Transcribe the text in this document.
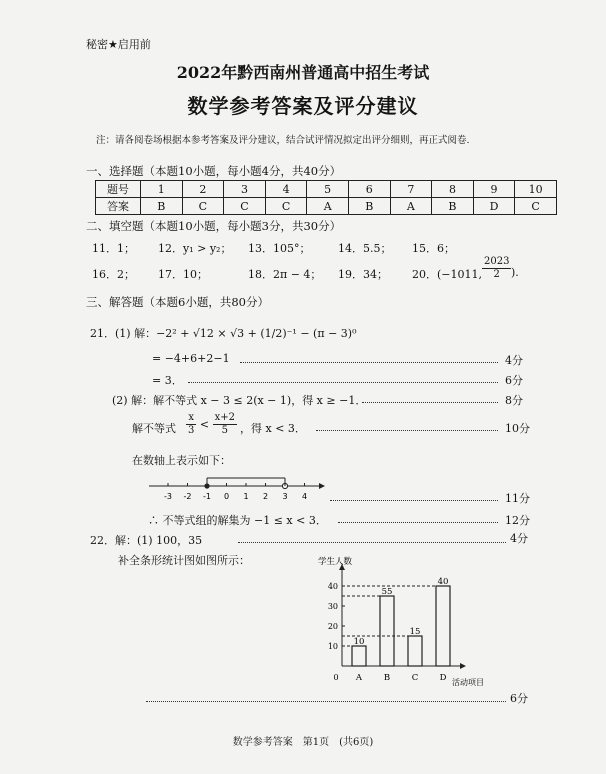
秘密★启用前
2022年黔西南州普通高中招生考试
数学参考答案及评分建议
注：请各阅卷场根据本参考答案及评分建议，结合试评情况拟定出评分细则，再正式阅卷.
一、选择题（本题10小题，每小题4分，共40分）
题号	1	2	3	4	5	6	7	8	9	10
答案	B	C	C	C	A	B	A	B	D	C
二、填空题（本题10小题，每小题3分，共30分）
11．1； 12．y₁ > y₂； 13．105°；	14．5.5； 15．6；
16．2； 17．10；	18．2π − 4； 19．34； 20．(−1011, $\frac{2023}{2}$ ).
三、解答题（本题6小题，共80分）
21．(1) 解：−2² + √12 × √3 + (1/2)⁻¹ − (π − 3)⁰
= −4+6+2−1	4分
= 3．	6分
(2) 解：解不等式 x − 3 ≤ 2(x − 1)，得 x ≥ −1．	8分
解不等式 $\frac{x}{3} < \frac{x+2}{5}$ ，得 x < 3．	10分
在数轴上表示如下：
-3 -2 -1 0 1 2 3 4	11分
∴ 不等式组的解集为 −1 ≤ x < 3．	12分
22．解：(1) 100，35	4分
补全条形统计图如图所示：	学生人数
活动项目
0
10
20
30
40
10
A
55
B
15
C
40
D
6分
数学参考答案　第1页　(共6页)
